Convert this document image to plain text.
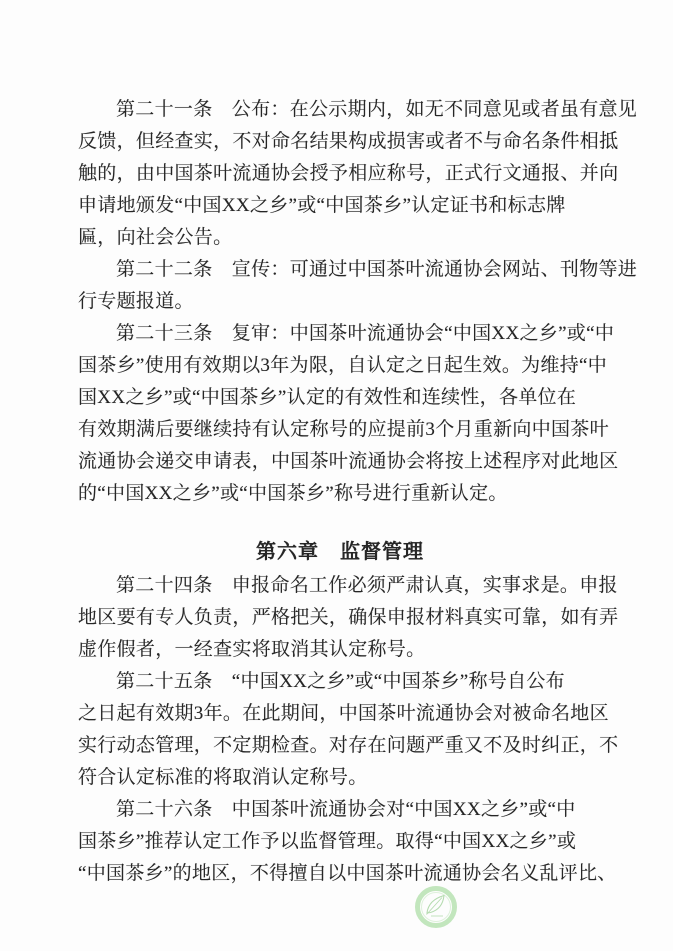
第二十一条　公布：在公示期内，如无不同意见或者虽有意见
反馈，但经查实，不对命名结果构成损害或者不与命名条件相抵
触的，由中国茶叶流通协会授予相应称号，正式行文通报、并向
申请地颁发“中国XX之乡”或“中国茶乡”认定证书和标志牌
匾，向社会公告。
第二十二条　宣传：可通过中国茶叶流通协会网站、刊物等进
行专题报道。
第二十三条　复审：中国茶叶流通协会“中国XX之乡”或“中
国茶乡”使用有效期以3年为限，自认定之日起生效。为维持“中
国XX之乡”或“中国茶乡”认定的有效性和连续性，各单位在
有效期满后要继续持有认定称号的应提前3个月重新向中国茶叶
流通协会递交申请表，中国茶叶流通协会将按上述程序对此地区
的“中国XX之乡”或“中国茶乡”称号进行重新认定。
第六章　监督管理
第二十四条　申报命名工作必须严肃认真，实事求是。申报
地区要有专人负责，严格把关，确保申报材料真实可靠，如有弄
虚作假者，一经查实将取消其认定称号。
第二十五条　“中国XX之乡”或“中国茶乡”称号自公布
之日起有效期3年。在此期间，中国茶叶流通协会对被命名地区
实行动态管理，不定期检查。对存在问题严重又不及时纠正，不
符合认定标准的将取消认定称号。
第二十六条　中国茶叶流通协会对“中国XX之乡”或“中
国茶乡”推荐认定工作予以监督管理。取得“中国XX之乡”或
“中国茶乡”的地区，不得擅自以中国茶叶流通协会名义乱评比、
